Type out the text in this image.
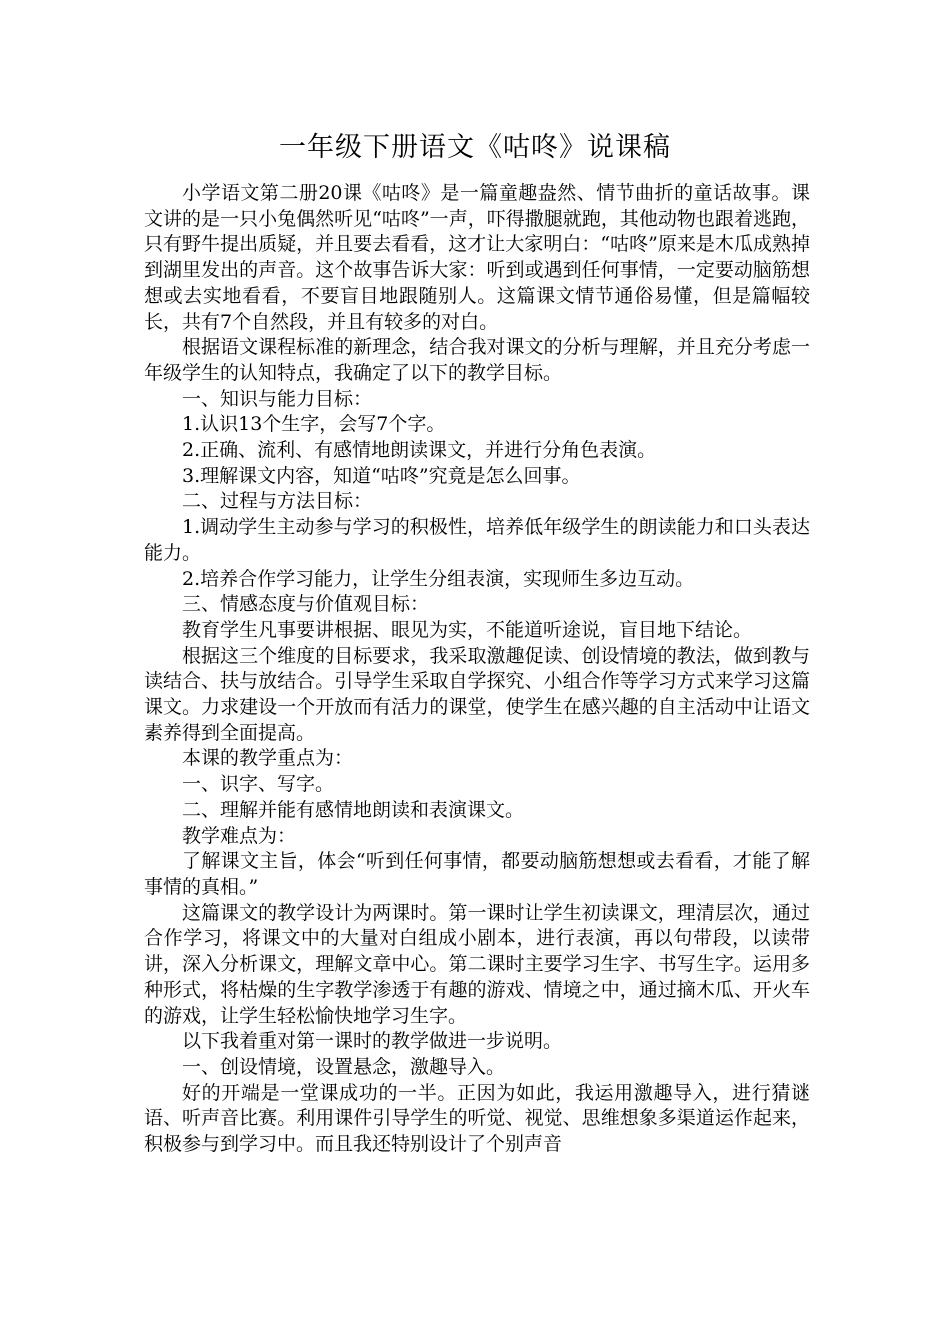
一年级下册语文《咕咚》说课稿

小学语文第二册20课《咕咚》是一篇童趣盎然、情节曲折的童话故事。课文讲的是一只小兔偶然听见“咕咚”一声，吓得撒腿就跑，其他动物也跟着逃跑，只有野牛提出质疑，并且要去看看，这才让大家明白：“咕咚”原来是木瓜成熟掉到湖里发出的声音。这个故事告诉大家：听到或遇到任何事情，一定要动脑筋想想或去实地看看，不要盲目地跟随别人。这篇课文情节通俗易懂，但是篇幅较长，共有7个自然段，并且有较多的对白。

根据语文课程标准的新理念，结合我对课文的分析与理解，并且充分考虑一年级学生的认知特点，我确定了以下的教学目标。

一、知识与能力目标：

1.认识13个生字，会写7个字。

2.正确、流利、有感情地朗读课文，并进行分角色表演。

3.理解课文内容，知道“咕咚”究竟是怎么回事。

二、过程与方法目标：

1.调动学生主动参与学习的积极性，培养低年级学生的朗读能力和口头表达能力。

2.培养合作学习能力，让学生分组表演，实现师生多边互动。

三、情感态度与价值观目标：

教育学生凡事要讲根据、眼见为实，不能道听途说，盲目地下结论。

根据这三个维度的目标要求，我采取激趣促读、创设情境的教法，做到教与读结合、扶与放结合。引导学生采取自学探究、小组合作等学习方式来学习这篇课文。力求建设一个开放而有活力的课堂，使学生在感兴趣的自主活动中让语文素养得到全面提高。

本课的教学重点为：

一、识字、写字。

二、理解并能有感情地朗读和表演课文。

教学难点为：

了解课文主旨，体会“听到任何事情，都要动脑筋想想或去看看，才能了解事情的真相。”

这篇课文的教学设计为两课时。第一课时让学生初读课文，理清层次，通过合作学习，将课文中的大量对白组成小剧本，进行表演，再以句带段，以读带讲，深入分析课文，理解文章中心。第二课时主要学习生字、书写生字。运用多种形式，将枯燥的生字教学渗透于有趣的游戏、情境之中，通过摘木瓜、开火车的游戏，让学生轻松愉快地学习生字。

以下我着重对第一课时的教学做进一步说明。

一、创设情境，设置悬念，激趣导入。

好的开端是一堂课成功的一半。正因为如此，我运用激趣导入，进行猜谜语、听声音比赛。利用课件引导学生的听觉、视觉、思维想象多渠道运作起来，积极参与到学习中。而且我还特别设计了个别声音
